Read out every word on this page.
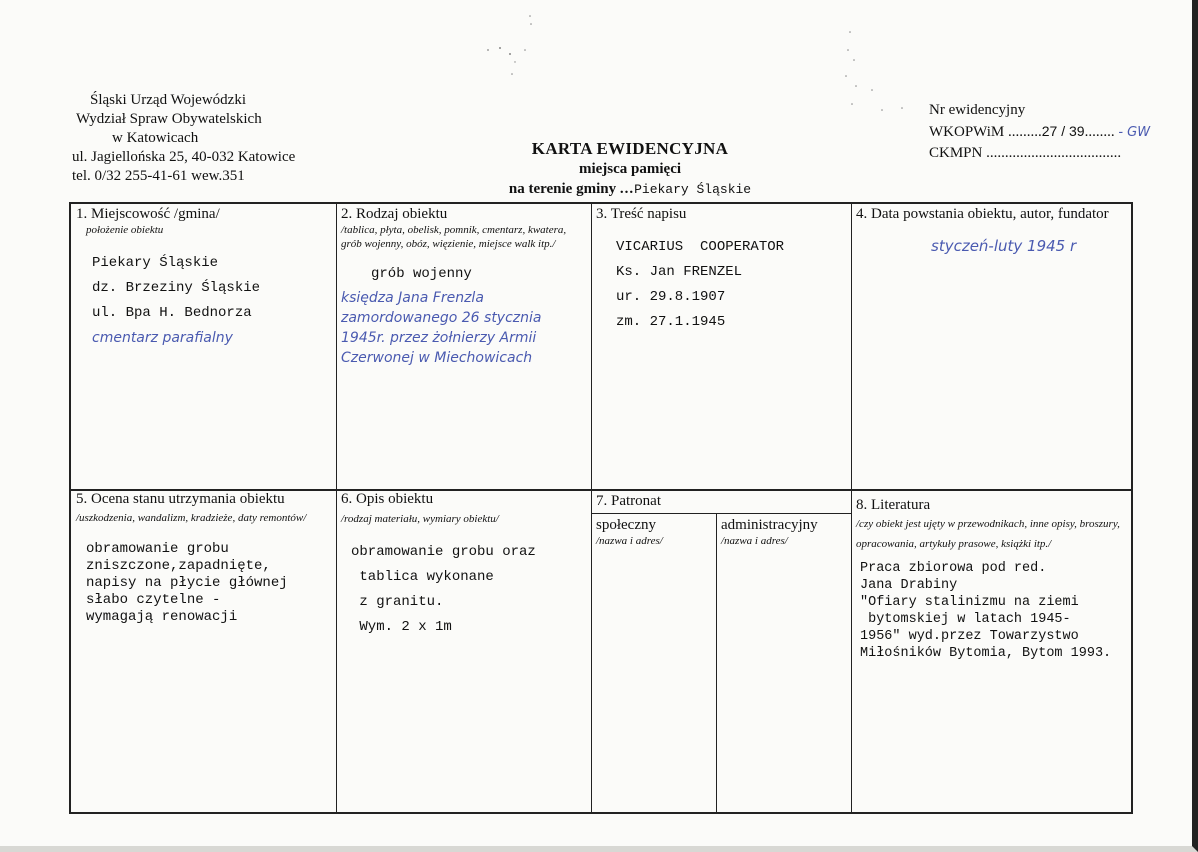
Śląski Urząd Wojewódzki
Wydział Spraw Obywatelskich
w Katowicach
ul. Jagiellońska 25, 40-032 Katowice
tel. 0/32 255-41-61 wew.351
KARTA EWIDENCYJNA
miejsca pamięci
na terenie gminy ...Piekary Śląskie
Nr ewidencyjny
WKOPWiM .........27 / 39........ - GW
CKMPN ....................................
1. Miejscowość /gmina/
położenie obiektu
Piekary Śląskie
dz. Brzeziny Śląskie
ul. Bpa H. Bednorza
cmentarz parafialny
2. Rodzaj obiektu
/tablica, płyta, obelisk, pomnik, cmentarz, kwatera, grób wojenny, obóz, więzienie, miejsce walk itp./
grób wojenny
księdza Jana Frenzla zamordowanego 26 stycznia 1945r. przez żołnierzy Armii Czerwonej w Miechowicach
3. Treść napisu
VICARIUS  COOPERATOR
Ks. Jan FRENZEL
ur. 29.8.1907
zm. 27.1.1945
4. Data powstania obiektu, autor, fundator
styczeń-luty 1945 r
5. Ocena stanu utrzymania obiektu
/uszkodzenia, wandalizm, kradzieże, daty remontów/
obramowanie grobu
zniszczone,zapadnięte,
napisy na płycie głównej
słabo czytelne -
wymagają renowacji
6. Opis obiektu
/rodzaj materiału, wymiary obiektu/
obramowanie grobu oraz
tablica wykonane
z granitu.
Wym. 2 x 1m
7. Patronat
społeczny
/nazwa i adres/
administracyjny
/nazwa i adres/
8. Literatura
/czy obiekt jest ujęty w przewodnikach, inne opisy, broszury, opracowania, artykuły prasowe, książki itp./
Praca zbiorowa pod red.
Jana Drabiny
"Ofiary stalinizmu na ziemi
bytomskiej w latach 1945-
1956" wyd.przez Towarzystwo
Miłośników Bytomia, Bytom 1993.
